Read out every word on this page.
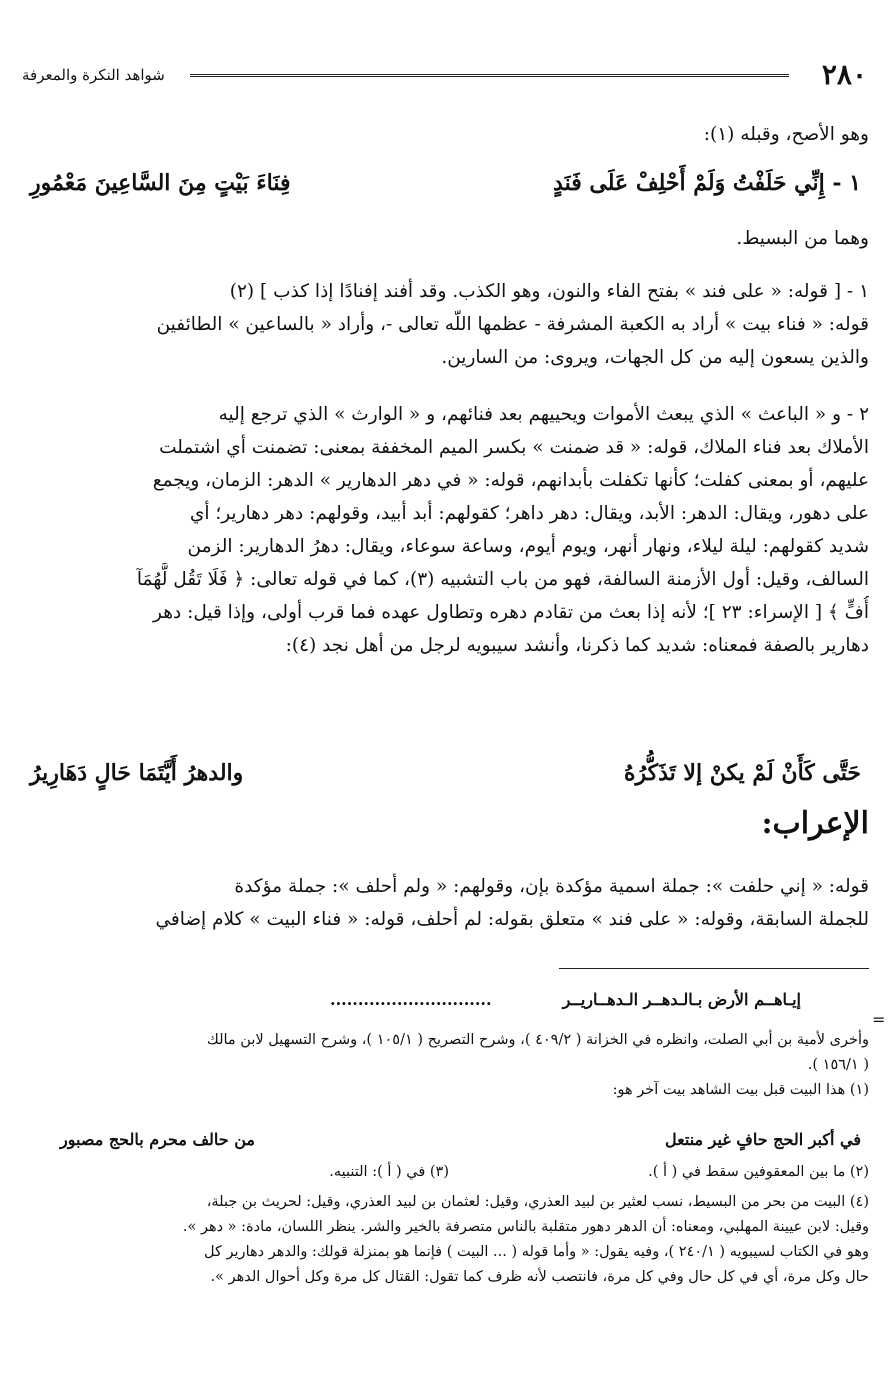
٢٨٠
شواهد النكرة والمعرفة
وهو الأصح، وقبله (١):
١ - إِنِّي حَلَفْتُ وَلَمْ أَحْلِفْ عَلَى فَنَدٍ
فِنَاءَ بَيْتٍ مِنَ السَّاعِينَ مَعْمُورِ
وهما من البسيط.
١ - [ قوله: « على فند » بفتح الفاء والنون، وهو الكذب. وقد أفند إفنادًا إذا كذب ] (٢)
قوله: « فناء بيت » أراد به الكعبة المشرفة - عظمها اللّه تعالى -، وأراد « بالساعين » الطائفين
والذين يسعون إليه من كل الجهات، ويروى: من السارين.
٢ - و « الباعث » الذي يبعث الأموات ويحييهم بعد فنائهم، و « الوارث » الذي ترجع إليه
الأملاك بعد فناء الملاك، قوله: « قد ضمنت » بكسر الميم المخففة بمعنى: تضمنت أي اشتملت
عليهم، أو بمعنى كفلت؛ كأنها تكفلت بأبدانهم، قوله: « في دهر الدهارير » الدهر: الزمان، ويجمع
على دهور، ويقال: الدهر: الأبد، ويقال: دهر داهر؛ كقولهم: أبد أبيد، وقولهم: دهر دهارير؛ أي
شديد كقولهم: ليلة ليلاء، ونهار أنهر، ويوم أيوم، وساعة سوعاء، ويقال: دهرُ الدهارير: الزمن
السالف، وقيل: أول الأزمنة السالفة، فهو من باب التشبيه (٣)، كما في قوله تعالى: ﴿ فَلَا تَقُل لَّهُمَآ
أُفٍّ ﴾ [ الإسراء: ٢٣ ]؛ لأنه إذا بعث من تقادم دهره وتطاول عهده فما قرب أولى، وإذا قيل: دهر
دهارير بالصفة فمعناه: شديد كما ذكرنا، وأنشد سيبويه لرجل من أهل نجد (٤):
حَتَّى كَأَنْ لَمْ يكنْ إلا تَذَكُّرُهُ
والدهرُ أَيَّتَمَا حَالٍ دَهَارِيرُ
الإعراب:
قوله: « إني حلفت »: جملة اسمية مؤكدة بإن، وقولهم: « ولم أحلف »: جملة مؤكدة
للجملة السابقة، وقوله: « على فند » متعلق بقوله: لم أحلف، قوله: « فناء البيت » كلام إضافي
=
إيـاهــم الأرض بـالـدهــر الـدهــاريــر
.............................
وأخرى لأمية بن أبي الصلت، وانظره في الخزانة ( ٤٠٩/٢ )، وشرح التصريح ( ١٠٥/١ )، وشرح التسهيل لابن مالك
( ١٥٦/١ ).
(١) هذا البيت قبل بيت الشاهد بيت آخر هو:
في أكبر الحج حافٍ غير منتعل
من حالف محرم بالحج مصبور
(٢) ما بين المعقوفين سقط في ( أ ).
(٣) في ( أ ): التنبيه.
(٤) البيت من بحر من البسيط، نسب لعثير بن لبيد العذري، وقيل: لعثمان بن لبيد العذري، وقيل: لحريث بن جبلة،
وقيل: لابن عيينة المهلبي، ومعناه: أن الدهر دهور متقلبة بالناس متصرفة بالخير والشر. ينظر اللسان، مادة: « دهر ».
وهو في الكتاب لسيبويه ( ٢٤٠/١ )، وفيه يقول: « وأما قوله ( ... البيت ) فإنما هو بمنزلة قولك: والدهر دهارير كل
حال وكل مرة، أي في كل حال وفي كل مرة، فانتصب لأنه ظرف كما تقول: القتال كل مرة وكل أحوال الدهر ».
